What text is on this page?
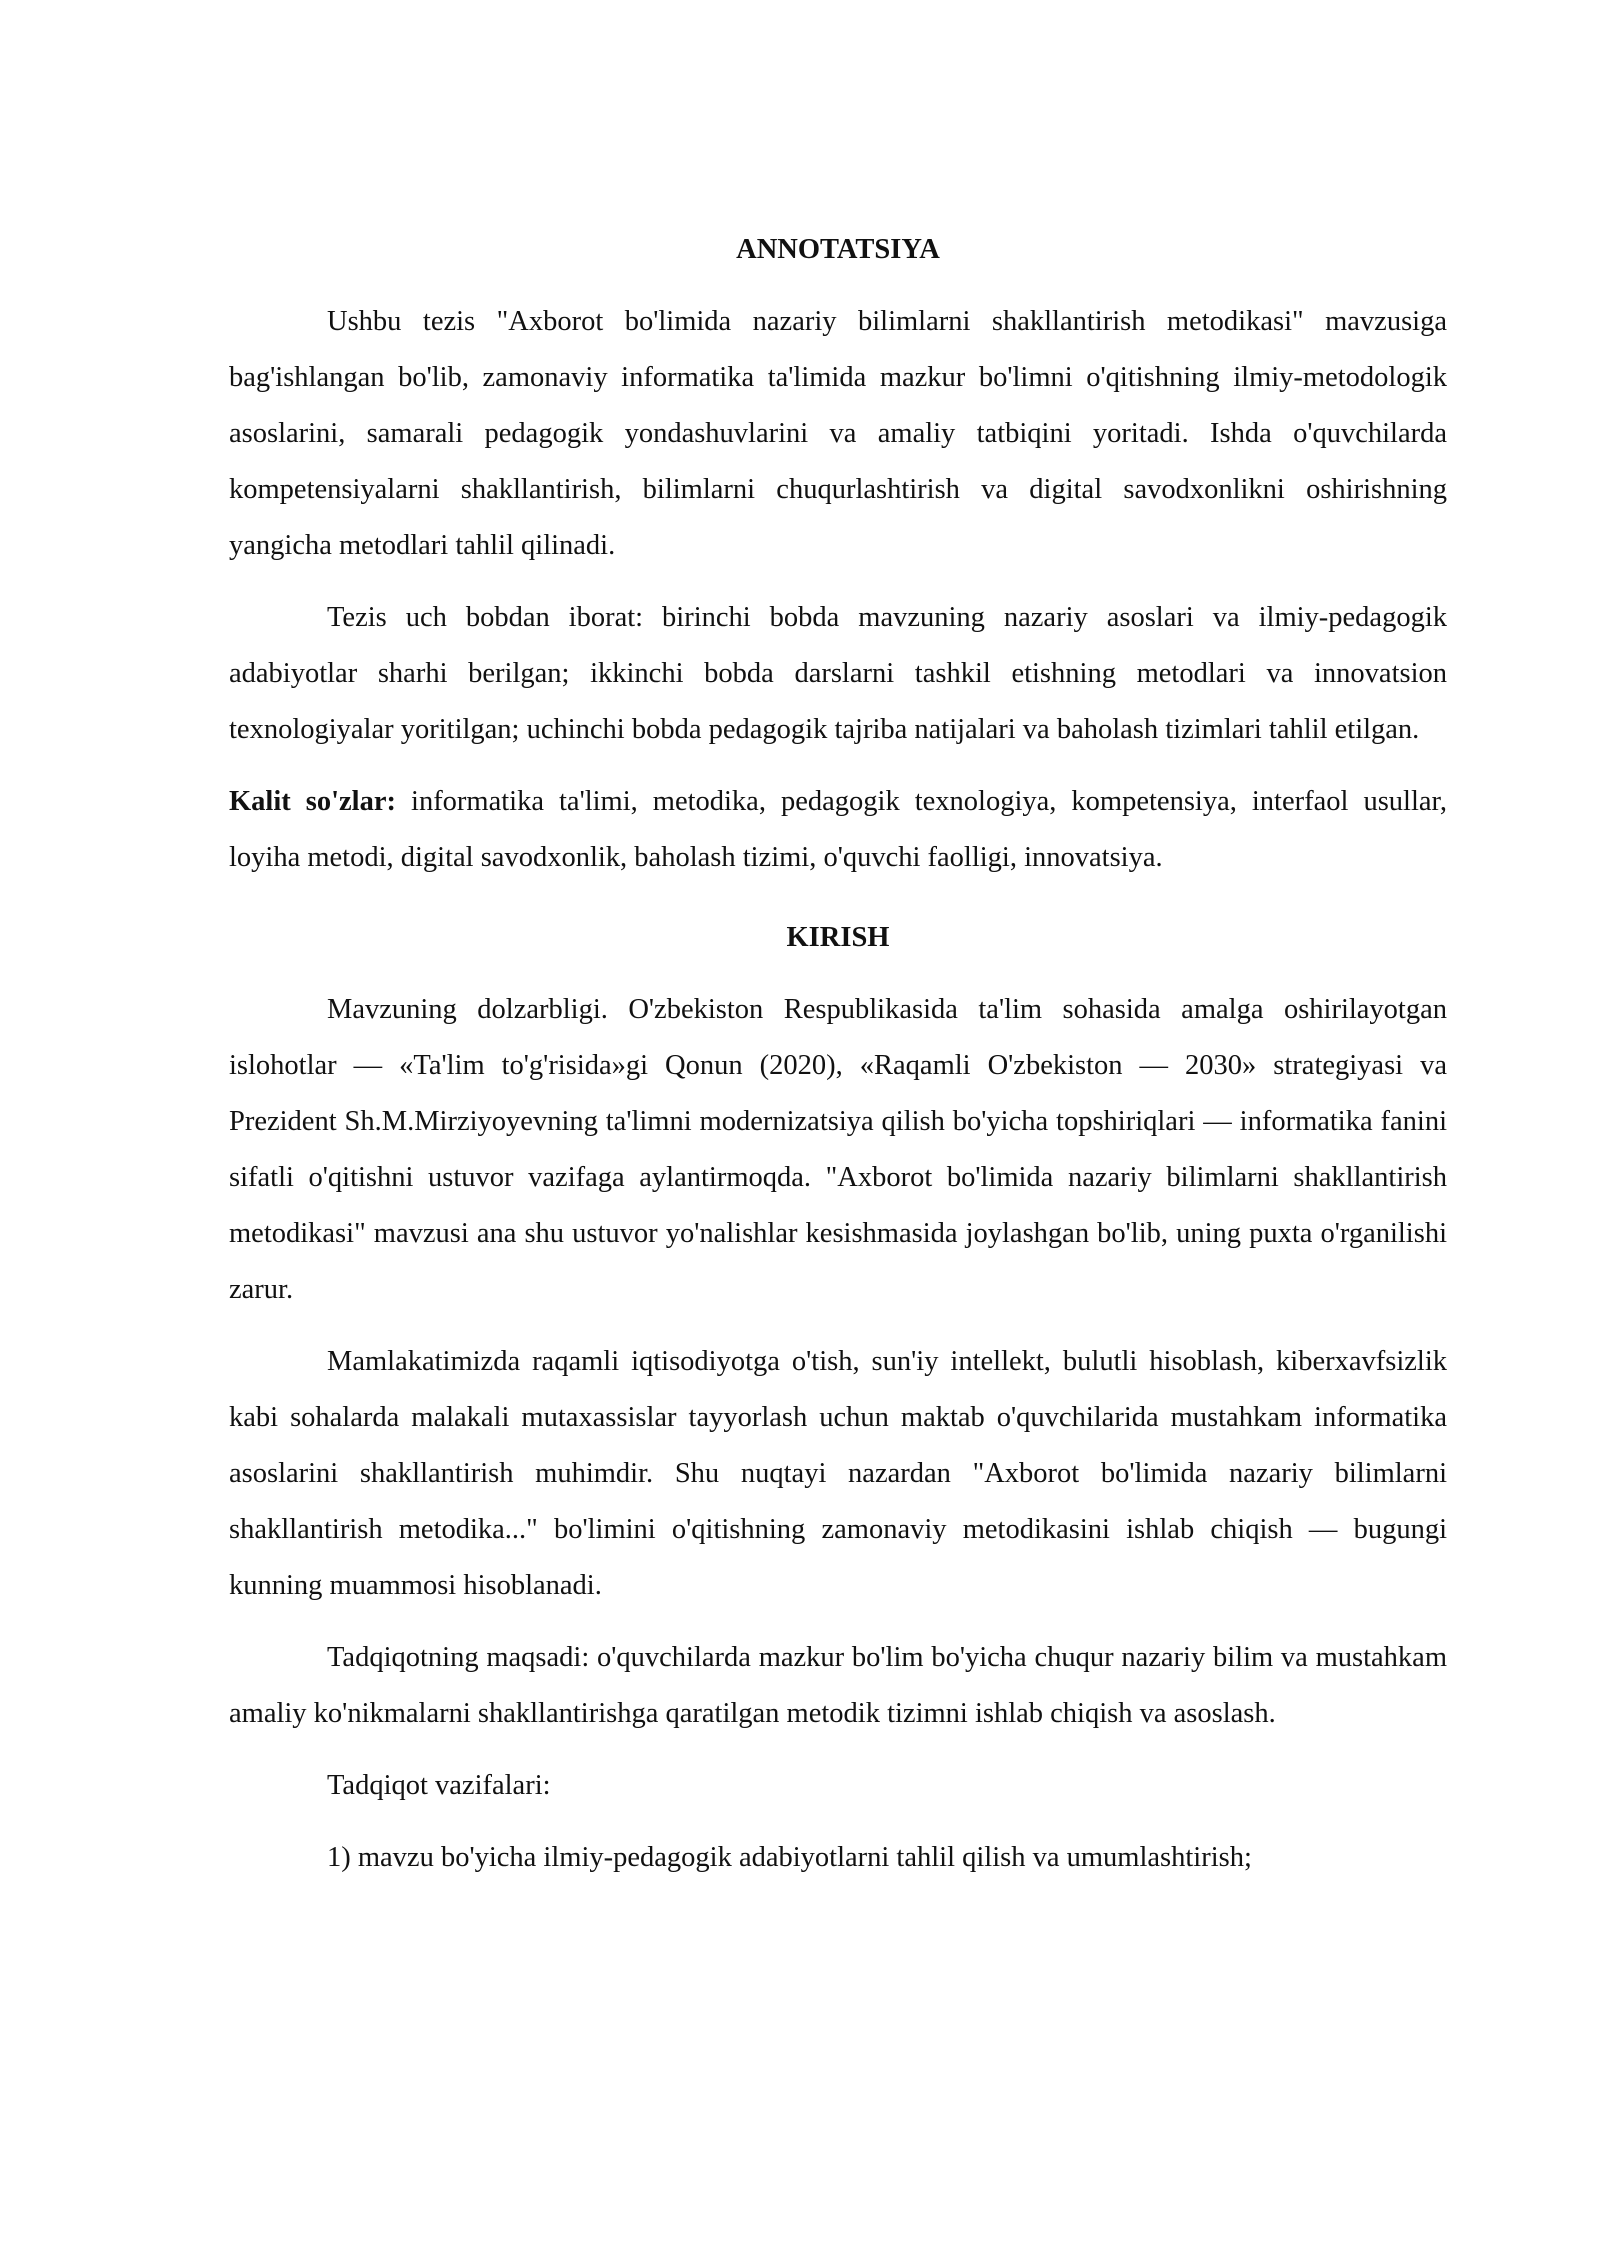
ANNOTATSIYA

Ushbu tezis "Axborot bo'limida nazariy bilimlarni shakllantirish metodikasi" mavzusiga bag'ishlangan bo'lib, zamonaviy informatika ta'limida mazkur bo'limni o'qitishning ilmiy-metodologik asoslarini, samarali pedagogik yondashuvlarini va amaliy tatbiqini yoritadi. Ishda o'quvchilarda kompetensiyalarni shakllantirish, bilimlarni chuqurlashtirish va digital savodxonlikni oshirishning yangicha metodlari tahlil qilinadi.

Tezis uch bobdan iborat: birinchi bobda mavzuning nazariy asoslari va ilmiy-pedagogik adabiyotlar sharhi berilgan; ikkinchi bobda darslarni tashkil etishning metodlari va innovatsion texnologiyalar yoritilgan; uchinchi bobda pedagogik tajriba natijalari va baholash tizimlari tahlil etilgan.

Kalit so'zlar: informatika ta'limi, metodika, pedagogik texnologiya, kompetensiya, interfaol usullar, loyiha metodi, digital savodxonlik, baholash tizimi, o'quvchi faolligi, innovatsiya.

KIRISH

Mavzuning dolzarbligi. O'zbekiston Respublikasida ta'lim sohasida amalga oshirilayotgan islohotlar — «Ta'lim to'g'risida»gi Qonun (2020), «Raqamli O'zbekiston — 2030» strategiyasi va Prezident Sh.M.Mirziyoyevning ta'limni modernizatsiya qilish bo'yicha topshiriqlari — informatika fanini sifatli o'qitishni ustuvor vazifaga aylantirmoqda. "Axborot bo'limida nazariy bilimlarni shakllantirish metodikasi" mavzusi ana shu ustuvor yo'nalishlar kesishmasida joylashgan bo'lib, uning puxta o'rganilishi zarur.

Mamlakatimizda raqamli iqtisodiyotga o'tish, sun'iy intellekt, bulutli hisoblash, kiberxavfsizlik kabi sohalarda malakali mutaxassislar tayyorlash uchun maktab o'quvchilarida mustahkam informatika asoslarini shakllantirish muhimdir. Shu nuqtayi nazardan "Axborot bo'limida nazariy bilimlarni shakllantirish metodika..." bo'limini o'qitishning zamonaviy metodikasini ishlab chiqish — bugungi kunning muammosi hisoblanadi.

Tadqiqotning maqsadi: o'quvchilarda mazkur bo'lim bo'yicha chuqur nazariy bilim va mustahkam amaliy ko'nikmalarni shakllantirishga qaratilgan metodik tizimni ishlab chiqish va asoslash.

Tadqiqot vazifalari:

1) mavzu bo'yicha ilmiy-pedagogik adabiyotlarni tahlil qilish va umumlashtirish;
